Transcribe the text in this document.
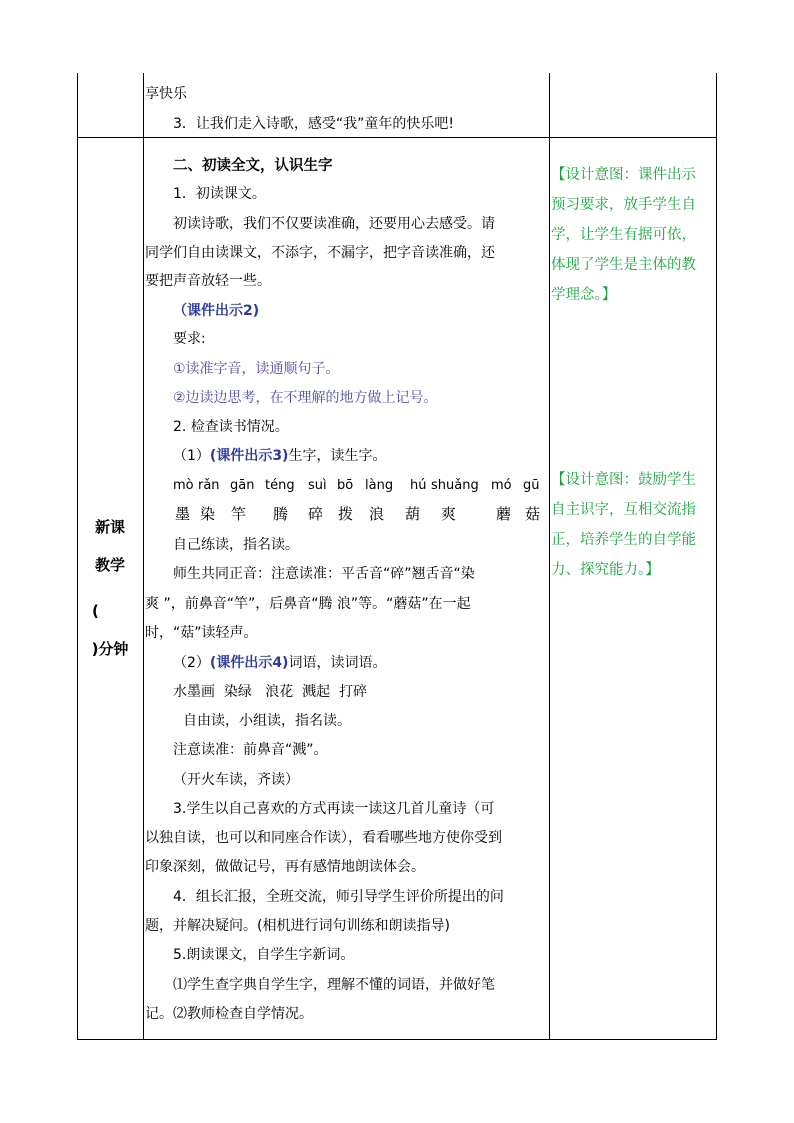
享快乐
3．让我们走入诗歌，感受“我”童年的快乐吧!
新课
教学
(
)分钟
二、初读全文，认识生字
1．初读课文。
初读诗歌，我们不仅要读准确，还要用心去感受。请
同学们自由读课文，不添字，不漏字，把字音读准确，还
要把声音放轻一些。
（课件出示2)
要求:
①读准字音，读通顺句子。
②边读边思考，在不理解的地方做上记号。
2. 检查读书情况。
（1）(课件出示3)生字，读生字。
mò rǎn gān téng suì bō làng hú shuǎng mó gū
墨 染 竿 腾 碎 拨 浪 葫 爽	蘑 菇
自己练读，指名读。
师生共同正音：注意读准：平舌音“碎”翘舌音“染
爽 ”，前鼻音“竿”，后鼻音“腾 浪”等。“蘑菇”在一起
时，“菇”读轻声。
（2）(课件出示4)词语，读词语。
水墨画  染绿   浪花  溅起  打碎
自由读，小组读，指名读。
注意读准：前鼻音“溅”。
（开火车读，齐读）
3.学生以自己喜欢的方式再读一读这几首儿童诗（可
以独自读，也可以和同座合作读），看看哪些地方使你受到
印象深刻，做做记号，再有感情地朗读体会。
4．组长汇报，全班交流，师引导学生评价所提出的问
题，并解决疑问。(相机进行词句训练和朗读指导)
5.朗读课文，自学生字新词。
⑴学生查字典自学生字，理解不懂的词语，并做好笔
记。⑵教师检查自学情况。
【设计意图：课件出示
预习要求，放手学生自
学，让学生有据可依，
体现了学生是主体的教
学理念。】
【设计意图：鼓励学生
自主识字，互相交流指
正，培养学生的自学能
力、探究能力。】
